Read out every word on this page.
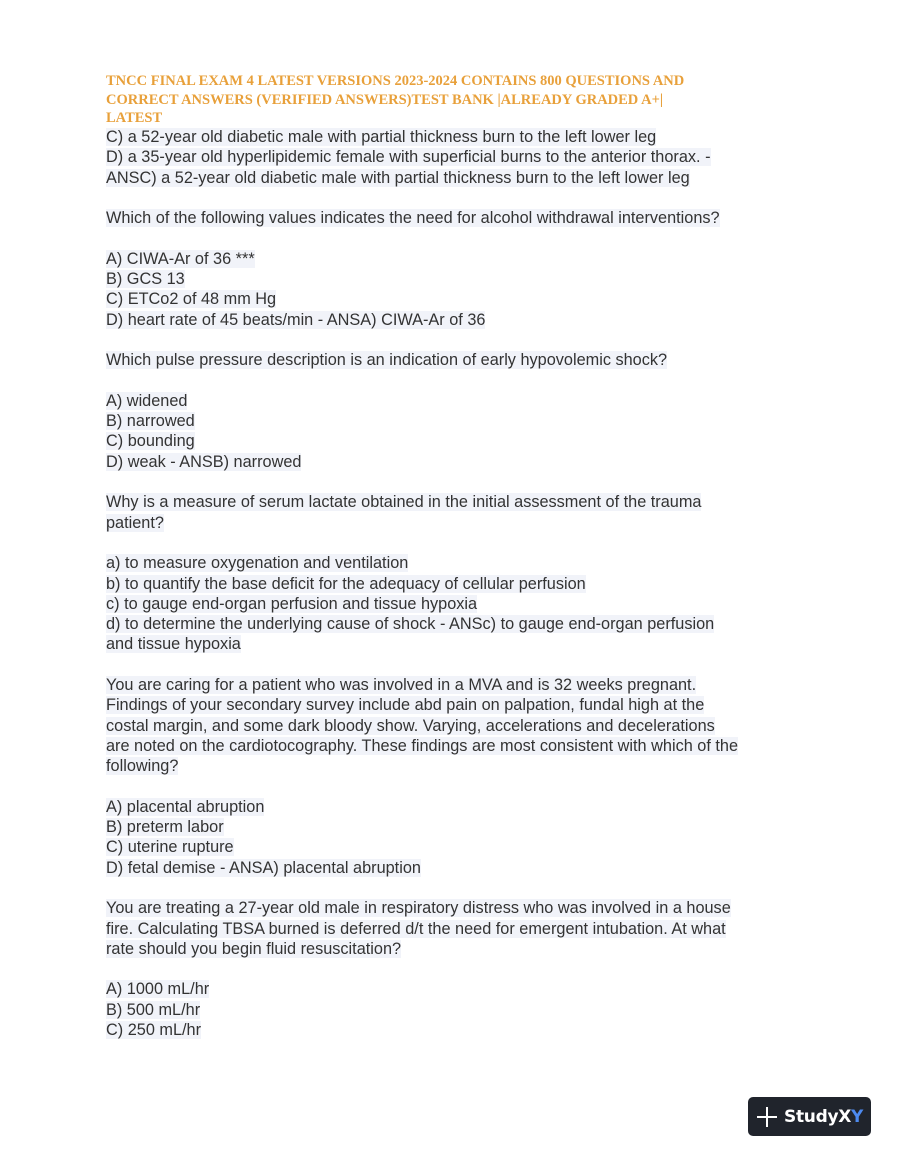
TNCC FINAL EXAM 4 LATEST VERSIONS 2023-2024 CONTAINS 800 QUESTIONS AND
CORRECT ANSWERS (VERIFIED ANSWERS)TEST BANK |ALREADY GRADED A+|
LATEST
C) a 52-year old diabetic male with partial thickness burn to the left lower leg
D) a 35-year old hyperlipidemic female with superficial burns to the anterior thorax. -
ANSC) a 52-year old diabetic male with partial thickness burn to the left lower leg
Which of the following values indicates the need for alcohol withdrawal interventions?
A) CIWA-Ar of 36 ***
B) GCS 13
C) ETCo2 of 48 mm Hg
D) heart rate of 45 beats/min - ANSA) CIWA-Ar of 36
Which pulse pressure description is an indication of early hypovolemic shock?
A) widened
B) narrowed
C) bounding
D) weak - ANSB) narrowed
Why is a measure of serum lactate obtained in the initial assessment of the trauma
patient?
a) to measure oxygenation and ventilation
b) to quantify the base deficit for the adequacy of cellular perfusion
c) to gauge end-organ perfusion and tissue hypoxia
d) to determine the underlying cause of shock - ANSc) to gauge end-organ perfusion
and tissue hypoxia
You are caring for a patient who was involved in a MVA and is 32 weeks pregnant.
Findings of your secondary survey include abd pain on palpation, fundal high at the
costal margin, and some dark bloody show. Varying, accelerations and decelerations
are noted on the cardiotocography. These findings are most consistent with which of the
following?
A) placental abruption
B) preterm labor
C) uterine rupture
D) fetal demise - ANSA) placental abruption
You are treating a 27-year old male in respiratory distress who was involved in a house
fire. Calculating TBSA burned is deferred d/t the need for emergent intubation. At what
rate should you begin fluid resuscitation?
A) 1000 mL/hr
B) 500 mL/hr
C) 250 mL/hr
StudyXY
